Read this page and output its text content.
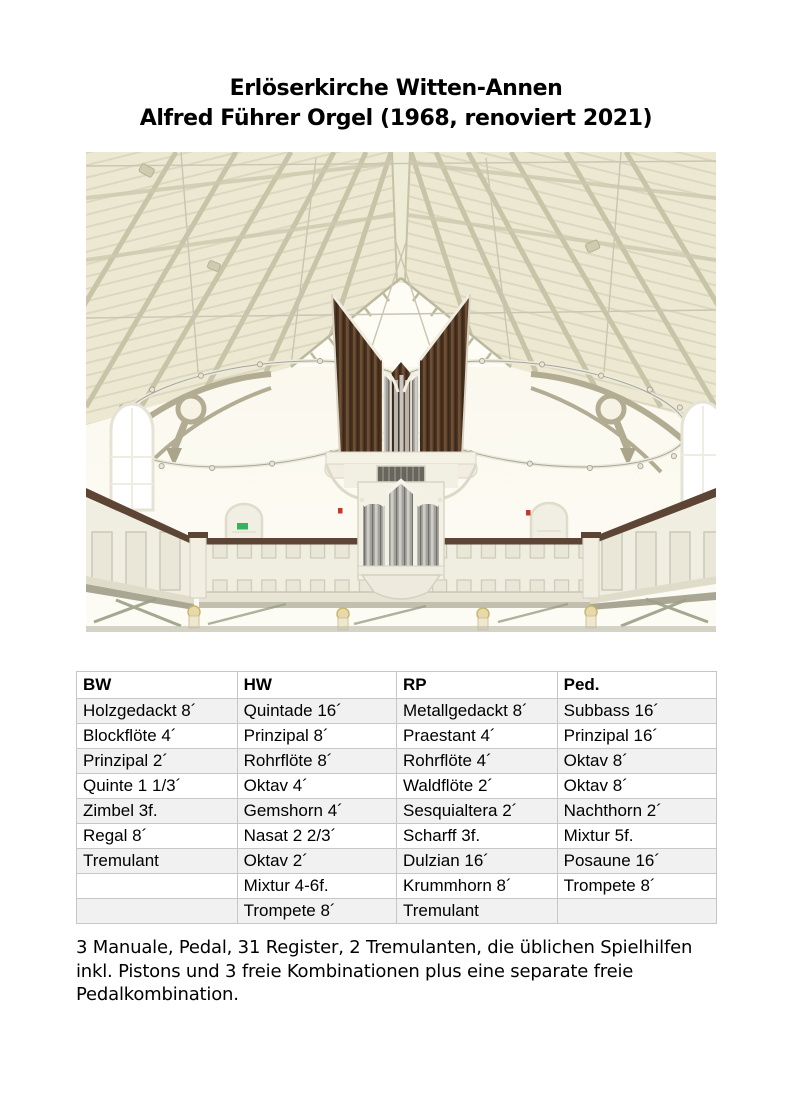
Erlöserkirche Witten-Annen
Alfred Führer Orgel (1968, renoviert 2021)
BW	HW	RP	Ped.
Holzgedackt 8´	Quintade 16´	Metallgedackt 8´	Subbass 16´
Blockflöte 4´	Prinzipal 8´	Praestant 4´	Prinzipal 16´
Prinzipal 2´	Rohrflöte 8´	Rohrflöte 4´	Oktav 8´
Quinte 1 1/3´	Oktav 4´	Waldflöte 2´	Oktav 8´
Zimbel 3f.	Gemshorn 4´	Sesquialtera 2´	Nachthorn 2´
Regal 8´	Nasat 2 2/3´	Scharff 3f.	Mixtur 5f.
Tremulant	Oktav 2´	Dulzian 16´	Posaune 16´
	Mixtur 4-6f.	Krummhorn 8´	Trompete 8´
	Trompete 8´	Tremulant	
3 Manuale, Pedal, 31 Register, 2 Tremulanten, die üblichen Spielhilfen
inkl. Pistons und 3 freie Kombinationen plus eine separate freie
Pedalkombination.
